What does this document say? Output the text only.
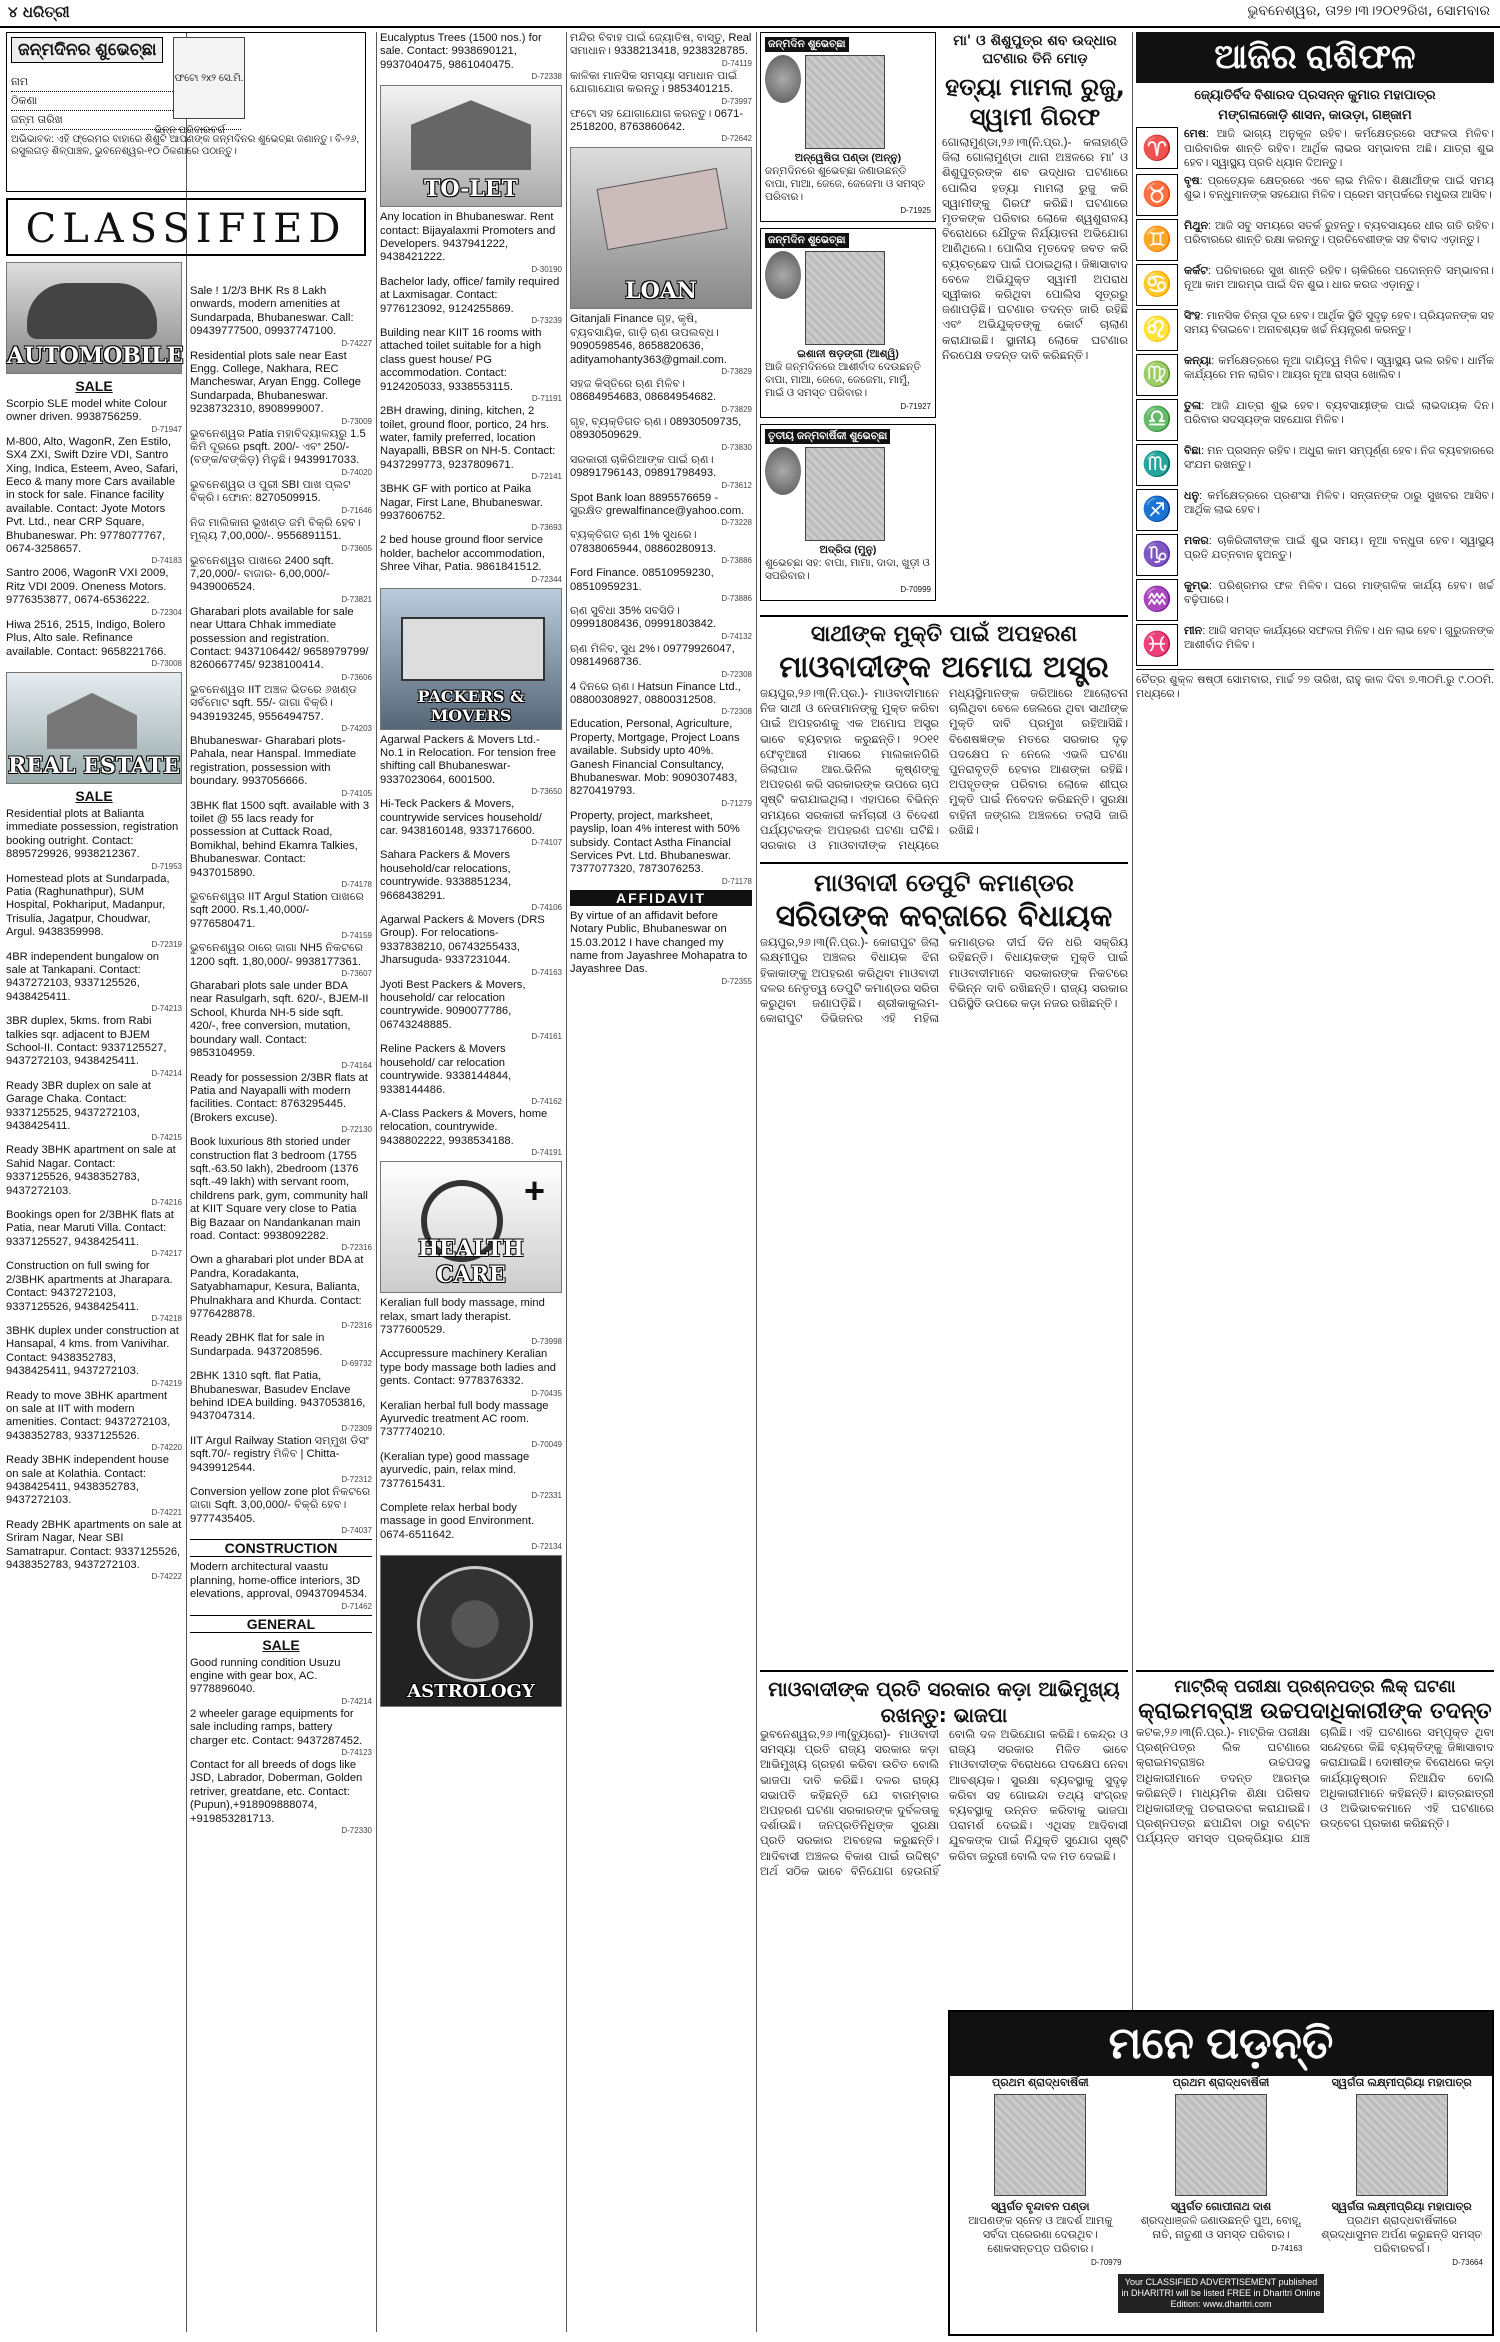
୪ ଧରିତ୍ରୀ	ଭୁବନେଶ୍ୱର, ତା୨୭।୩।୨୦୧୨ରିଖ, ସୋମବାର
ଜନ୍ମଦିନର ଶୁଭେଚ୍ଛା
ଫଟୋ ୨x୨ ସେ.ମି.
ନାମ
ଠିକଣା
ଜନ୍ମ ତାରିଖ
ଭିନ୍ନ ପରିବାରବର୍ଗ
ଅଭିଭାବକ: ଏହି ଫ୍ରେମର ବାହାରେ ଶିଶୁଟି ଆପଣଙ୍କ ଜନ୍ମଦିନର ଶୁଭେଚ୍ଛା ଜଣାନ୍ତୁ। ବି-୨୬, ରସୁଲଗଡ଼ ଶିଳ୍ପାଞ୍ଚଳ, ଭୁବନେଶ୍ୱର-୧୦ ଠିକଣାରେ ପଠାନ୍ତୁ।
CLASSIFIED
AUTOMOBILE
SALE
Scorpio SLE model white Colour owner driven. 9938756259.
D-71947
M-800, Alto, WagonR, Zen Estilo, SX4 ZXI, Swift Dzire VDI, Santro Xing, Indica, Esteem, Aveo, Safari, Eeco & many more Cars available in stock for sale. Finance facility available. Contact: Jyote Motors Pvt. Ltd., near CRP Square, Bhubaneswar. Ph: 9778077767, 0674-3258657.
D-74183
Santro 2006, WagonR VXI 2009, Ritz VDI 2009. Oneness Motors. 9776353877, 0674-6536222.
D-72304
Hiwa 2516, 2515, Indigo, Bolero Plus, Alto sale. Refinance available. Contact: 9658221766.
D-73008
REAL ESTATE
SALE
Residential plots at Balianta immediate possession, registration booking outright. Contact: 8895729926, 9938212367.
D-71953
Homestead plots at Sundarpada, Patia (Raghunathpur), SUM Hospital, Pokhariput, Madanpur, Trisulia, Jagatpur, Choudwar, Argul. 9438359998.
D-72319
4BR independent bungalow on sale at Tankapani. Contact: 9437272103, 9337125526, 9438425411.
D-74213
3BR duplex, 5kms. from Rabi talkies sqr. adjacent to BJEM School-II. Contact: 9337125527, 9437272103, 9438425411.
D-74214
Ready 3BR duplex on sale at Garage Chaka. Contact: 9337125525, 9437272103, 9438425411.
D-74215
Ready 3BHK apartment on sale at Sahid Nagar. Contact: 9337125526, 9438352783, 9437272103.
D-74216
Bookings open for 2/3BHK flats at Patia, near Maruti Villa. Contact: 9337125527, 9438425411.
D-74217
Construction on full swing for 2/3BHK apartments at Jharapara. Contact: 9437272103, 9337125526, 9438425411.
D-74218
3BHK duplex under construction at Hansapal, 4 kms. from Vanivihar. Contact: 9438352783, 9438425411, 9437272103.
D-74219
Ready to move 3BHK apartment on sale at IIT with modern amenities. Contact: 9437272103, 9438352783, 9337125526.
D-74220
Ready 3BHK independent house on sale at Kolathia. Contact: 9438425411, 9438352783, 9437272103.
D-74221
Ready 2BHK apartments on sale at Sriram Nagar, Near SBI Samatrapur. Contact: 9337125526, 9438352783, 9437272103.
D-74222
Sale ! 1/2/3 BHK Rs 8 Lakh onwards, modern amenities at Sundarpada, Bhubaneswar. Call: 09439777500, 09937747100.
D-74227
Residential plots sale near East Engg. College, Nakhara, REC Mancheswar, Aryan Engg. College Sundarpada, Bhubaneswar. 9238732310, 8908999007.
D-73009
ଭୁବନେଶ୍ୱର Patia ମହାବିଦ୍ୟାଳୟରୁ 1.5 କିମି ଦୂରରେ psqft. 200/- ଏବଂ 250/- (ବଙ୍କ/ବଙ୍କିଡ଼) ମିଳୁଛି। 9439917033.
D-74020
ଭୁବନେଶ୍ୱର ଓ ପୁରୀ SBI ପାଖ ପ୍ଲଟ ବିକ୍ରି। ଫୋନ: 8270509915.
D-71646
ନିଜ ମାଲିକାନା ଭୂଖଣ୍ଡ ଜମି ବିକ୍ରି ହେବ। ମୂଲ୍ୟ 7,00,000/-. 9556891151.
D-73605
ଭୁବନେଶ୍ୱର ପାଖରେ 2400 sqft. 7,20,000/- ବାଜାର- 6,00,000/- 9439006524.
D-73821
Gharabari plots available for sale near Uttara Chhak immediate possession and registration. Contact: 9437106442/ 9658979799/ 8260667745/ 9238100414.
D-73606
ଭୁବନେଶ୍ୱର IIT ଅଞ୍ଚଳ ଭିତରେ ୬ଖଣ୍ଡ ସର୍ବମୋଟ sqft. 55/- ଜାଗା ବିକ୍ରି। 9439193245, 9556494757.
D-74203
Bhubaneswar- Gharabari plots-Pahala, near Hanspal. Immediate registration, possession with boundary. 9937056666.
D-74105
3BHK flat 1500 sqft. available with 3 toilet @ 55 lacs ready for possession at Cuttack Road, Bomikhal, behind Ekamra Talkies, Bhubaneswar. Contact: 9437015890.
D-74178
ଭୁବନେଶ୍ୱର IIT Argul Station ପାଖରେ sqft 2000. Rs.1,40,000/- 9776580471.
D-74159
ଭୁବନେଶ୍ୱର ଠାରେ ଜାଗା NH5 ନିକଟରେ 1200 sqft. 1,80,000/- 9938177361.
D-73607
Gharabari plots sale under BDA near Rasulgarh, sqft. 620/-, BJEM-II School, Khurda NH-5 side sqft. 420/-, free conversion, mutation, boundary wall. Contact: 9853104959.
D-74164
Ready for possession 2/3BR flats at Patia and Nayapalli with modern facilities. Contact: 8763295445. (Brokers excuse).
D-72130
Book luxurious 8th storied under construction flat 3 bedroom (1755 sqft.-63.50 lakh), 2bedroom (1376 sqft.-49 lakh) with servant room, childrens park, gym, community hall at KIIT Square very close to Patia Big Bazaar on Nandankanan main road. Contact: 9938092282.
D-72316
Own a gharabari plot under BDA at Pandra, Koradakanta, Satyabhamapur, Kesura, Balianta, Phulnakhara and Khurda. Contact: 9776428878.
D-72316
Ready 2BHK flat for sale in Sundarpada. 9437208596.
D-69732
2BHK 1310 sqft. flat Patia, Bhubaneswar, Basudev Enclave behind IDEA building. 9437053816, 9437047314.
D-72309
IIT Argul Railway Station ସମ୍ମୁଖ ଡିସଂ sqft.70/- registry ମିଳିବ | Chitta- 9439912544.
D-72312
Conversion yellow zone plot ନିକଟରେ ଜାଗା Sqft. 3,00,000/- ବିକ୍ରି ହେବ। 9777435405.
D-74037
CONSTRUCTION
Modern architectural vaastu planning, home-office interiors, 3D elevations, approval, 09437094534.
D-71462
GENERAL
SALE
Good running condition Usuzu engine with gear box, AC. 9778896040.
D-74214
2 wheeler garage equipments for sale including ramps, battery charger etc. Contact: 9437287452.
D-74123
Contact for all breeds of dogs like JSD, Labrador, Doberman, Golden retriver, greatdane, etc. Contact:(Pupun),+918909888074, +919853281713.
D-72330
Eucalyptus Trees (1500 nos.) for sale. Contact: 9938690121, 9937040475, 9861040475.
D-72338
TO-LET
Any location in Bhubaneswar. Rent contact: Bijayalaxmi Promoters and Developers. 9437941222, 9438421222.
D-30190
Bachelor lady, office/ family required at Laxmisagar. Contact: 9776123092, 9124255869.
D-73239
Building near KIIT 16 rooms with attached toilet suitable for a high class guest house/ PG accommodation. Contact: 9124205033, 9338553115.
D-71191
2BH drawing, dining, kitchen, 2 toilet, ground floor, portico, 24 hrs. water, family preferred, location Nayapalli, BBSR on NH-5. Contact: 9437299773, 9237809671.
D-72141
3BHK GF with portico at Paika Nagar, First Lane, Bhubaneswar. 9937606752.
D-73693
2 bed house ground floor service holder, bachelor accommodation, Shree Vihar, Patia. 9861841512.
D-72344
PACKERS & MOVERS
Agarwal Packers & Movers Ltd.- No.1 in Relocation. For tension free shifting call Bhubaneswar- 9337023064, 6001500.
D-73650
Hi-Teck Packers & Movers, countrywide services household/ car. 9438160148, 9337176600.
D-74107
Sahara Packers & Movers household/car relocations, countrywide. 9338851234, 9668438291.
D-74106
Agarwal Packers & Movers (DRS Group). For relocations- 9337838210, 06743255433, Jharsuguda- 9337231044.
D-74163
Jyoti Best Packers & Movers, household/ car relocation countrywide. 9090077786, 06743248885.
D-74161
Reline Packers & Movers household/ car relocation countrywide. 9338144844, 9338144486.
D-74162
A-Class Packers & Movers, home relocation, countrywide. 9438802222, 9938534188.
D-74191
+
HEALTH CARE
Keralian full body massage, mind relax, smart lady therapist. 7377600529.
D-73998
Accupressure machinery Keralian type body massage both ladies and gents. Contact: 9778376332.
D-70435
Keralian herbal full body massage Ayurvedic treatment AC room. 7377740210.
D-70049
(Keralian type) good massage ayurvedic, pain, relax mind. 7377615431.
D-72331
Complete relax herbal body massage in good Environment. 0674-6511642.
D-72134
ASTROLOGY
ମନ୍ଦିର ବିବାହ ପାଇଁ ଜ୍ୟୋତିଷ, ବାସ୍ତୁ, Real ସମାଧାନ। 9338213418, 9238328785.
D-74119
କାଳିକା ମାନସିକ ସମସ୍ୟା ସମାଧାନ ପାଇଁ ଯୋଗାଯୋଗ କରନ୍ତୁ। 9853401215.
D-73997
ଫଟୋ ସହ ଯୋଗାଯୋଗ କରନ୍ତୁ। 0671-2518200, 8763860642.
D-72642
LOAN
Gitanjali Finance ଗୃହ, କୃଷି, ବ୍ୟବସାୟିକ, ଗାଡ଼ି ଋଣ ଉପଲବ୍ଧ। 9090598546, 8658820636, adityamohanty363@gmail.com.
D-73829
ସହଜ କିସ୍ତିରେ ଋଣ ମିଳିବ। 08684954683, 08684954682.
D-73829
ଗୃହ, ବ୍ୟକ୍ତିଗତ ଋଣ। 08930509735, 08930509629.
D-73830
ସରକାରୀ ଚାକିରିଆଙ୍କ ପାଇଁ ଋଣ। 09891796143, 09891798493.
D-73612
Spot Bank loan 8895576659 - ସୁରକ୍ଷିତ grewalfinance@yahoo.com.
D-73228
ବ୍ୟକ୍ତିଗତ ଋଣ 1% ସୁଧରେ। 07838065944, 08860280913.
D-73886
Ford Finance. 08510959230, 08510959231.
D-73886
ଋଣ ସୁବିଧା 35% ସବସିଡି। 09991808436, 09991803842.
D-74132
ଋଣ ମିଳିବ, ସୁଧ 2%। 09779926047, 09814968736.
D-72308
4 ଦିନରେ ଋଣ। Hatsun Finance Ltd., 08800308927, 08800312508.
D-72308
Education, Personal, Agriculture, Property, Mortgage, Project Loans available. Subsidy upto 40%. Ganesh Financial Consultancy, Bhubaneswar. Mob: 9090307483, 8270419793.
D-71279
Property, project, marksheet, payslip, loan 4% interest with 50% subsidy. Contact Astha Financial Services Pvt. Ltd. Bhubaneswar. 7377077320, 7873076253.
D-71178
AFFIDAVIT
By virtue of an affidavit before Notary Public, Bhubaneswar on 15.03.2012 I have changed my name from Jayashree Mohapatra to Jayashree Das.
D-72355
ଜନ୍ମଦିନ ଶୁଭେଚ୍ଛା
ଅନ୍ୱେଷିତା ପଣ୍ଡା (ଅନ୍ନୁ)
ଜନ୍ମଦିନରେ ଶୁଭେଚ୍ଛା ଜଣାଉଛନ୍ତି ବାପା, ମାଆ, ଜେଜେ, ଜେଜେମା ଓ ସମସ୍ତ ପରିବାର।
D-71925
ଜନ୍ମଦିନ ଶୁଭେଚ୍ଛା
ଇଶାନୀ ଷଡ଼ଙ୍ଗୀ (ଆଶ୍ୱି)
ଆଜି ଜନ୍ମଦିନରେ ଆଶୀର୍ବାଦ ଦେଉଛନ୍ତି ବାପା, ମାଆ, ଜେଜେ, ଜେଜେମା, ମାମୁଁ, ମାଇଁ ଓ ସମସ୍ତ ପରିବାର।
D-71927
ତୃତୀୟ ଜନ୍ମବାର୍ଷିକୀ ଶୁଭେଚ୍ଛା
ଅଦ୍ରିତା (ମୁନୁ)
ଶୁଭେଚ୍ଛା ସହ: ବାପା, ମାମା, ଦାଦା, ଖୁଡ଼ୀ ଓ ସପରିବାର।
D-70999
ମା' ଓ ଶିଶୁପୁତ୍ର ଶବ ଉଦ୍ଧାର ଘଟଣାର ତିନି ମୋଡ଼
ହତ୍ୟା ମାମଲା ରୁଜୁ, ସ୍ୱାମୀ ଗିରଫ
ଗୋଲାମୁଣ୍ଡା,୨୬।୩(ନି.ପ୍ର.)- କଳାହାଣ୍ଡି ଜିଲା ଗୋଲାମୁଣ୍ଡା ଥାନା ଅଞ୍ଚଳରେ ମା' ଓ ଶିଶୁପୁତ୍ରଙ୍କ ଶବ ଉଦ୍ଧାର ଘଟଣାରେ ପୋଲିସ ହତ୍ୟା ମାମଲା ରୁଜୁ କରି ସ୍ୱାମୀଙ୍କୁ ଗିରଫ କରିଛି। ଘଟଣାରେ ମୃତକଙ୍କ ପରିବାର ଲୋକେ ଶ୍ୱଶୁରାଳୟ ବିରୋଧରେ ଯୌତୁକ ନିର୍ଯ୍ୟାତନା ଅଭିଯୋଗ ଆଣିଥିଲେ। ପୋଲିସ ମୃତଦେହ ଜବତ କରି ବ୍ୟବଚ୍ଛେଦ ପାଇଁ ପଠାଇଥିଲା। ଜିଜ୍ଞାସାବାଦ ବେଳେ ଅଭିଯୁକ୍ତ ସ୍ୱାମୀ ଅପରାଧ ସ୍ୱୀକାର କରିଥିବା ପୋଲିସ ସୂତ୍ରରୁ ଜଣାପଡ଼ିଛି। ଘଟଣାର ତଦନ୍ତ ଜାରି ରହିଛି ଏବଂ ଅଭିଯୁକ୍ତଙ୍କୁ କୋର୍ଟ ଚାଲାଣ କରାଯାଇଛି। ସ୍ଥାନୀୟ ଲୋକେ ଘଟଣାର ନିରପେକ୍ଷ ତଦନ୍ତ ଦାବି କରିଛନ୍ତି।
ସାଥୀଙ୍କ ମୁକ୍ତି ପାଇଁ ଅପହରଣ
ମାଓବାଦୀଙ୍କ ଅମୋଘ ଅସ୍ତ୍ର
ଜୟପୁର,୨୬।୩(ନି.ପ୍ର.)- ମାଓବାଦୀମାନେ ନିଜ ସାଥୀ ଓ ନେତାମାନଙ୍କୁ ମୁକ୍ତ କରିବା ପାଇଁ ଅପହରଣକୁ ଏକ ଅମୋଘ ଅସ୍ତ୍ର ଭାବେ ବ୍ୟବହାର କରୁଛନ୍ତି। ୨୦୧୧ ଫେବୃଆରୀ ମାସରେ ମାଲକାନଗିରି ଜିଲାପାଳ ଆର.ଭିନିଲ କୃଷ୍ଣଙ୍କୁ ଅପହରଣ କରି ସରକାରଙ୍କ ଉପରେ ଚାପ ସୃଷ୍ଟି କରାଯାଇଥିଲା। ଏହାପରେ ବିଭିନ୍ନ ସମୟରେ ସରକାରୀ କର୍ମଚାରୀ ଓ ବିଦେଶୀ ପର୍ଯ୍ୟଟକଙ୍କ ଅପହରଣ ଘଟଣା ଘଟିଛି। ସରକାର ଓ ମାଓବାଦୀଙ୍କ ମଧ୍ୟରେ ମଧ୍ୟସ୍ଥିମାନଙ୍କ ଜରିଆରେ ଆଲୋଚନା ଚାଲିଥିବା ବେଳେ ଜେଲରେ ଥିବା ସାଥୀଙ୍କ ମୁକ୍ତି ଦାବି ପ୍ରମୁଖ ରହିଆସିଛି। ବିଶେଷଜ୍ଞଙ୍କ ମତରେ ସରକାର ଦୃଢ଼ ପଦକ୍ଷେପ ନ ନେଲେ ଏଭଳି ଘଟଣା ପୁନରାବୃତ୍ତି ହେବାର ଆଶଙ୍କା ରହିଛି। ଅପହୃତଙ୍କ ପରିବାର ଲୋକେ ଶୀଘ୍ର ମୁକ୍ତି ପାଇଁ ନିବେଦନ କରିଛନ୍ତି। ସୁରକ୍ଷା ବାହିନୀ ଜଙ୍ଗଲ ଅଞ୍ଚଳରେ ତଲାସି ଜାରି ରଖିଛି।
ମାଓବାଦୀ ଡେପୁଟି କମାଣ୍ଡର
ସରିତାଙ୍କ କବ୍ଜାରେ ବିଧାୟକ
ଜୟପୁର,୨୬।୩(ନି.ପ୍ର.)- କୋରାପୁଟ ଜିଲା ଲକ୍ଷ୍ମୀପୁର ଅଞ୍ଚଳର ବିଧାୟକ ଝିନା ହିକାକାଙ୍କୁ ଅପହରଣ କରିଥିବା ମାଓବାଦୀ ଦଳର ନେତୃତ୍ୱ ଡେପୁଟି କମାଣ୍ଡର ସରିତା କରୁଥିବା ଜଣାପଡ଼ିଛି। ଶ୍ରୀକାକୁଲମ-କୋରାପୁଟ ଡିଭିଜନର ଏହି ମହିଳା କମାଣ୍ଡର ଦୀର୍ଘ ଦିନ ଧରି ସକ୍ରିୟ ରହିଛନ୍ତି। ବିଧାୟକଙ୍କ ମୁକ୍ତି ପାଇଁ ମାଓବାଦୀମାନେ ସରକାରଙ୍କ ନିକଟରେ ବିଭିନ୍ନ ଦାବି ରଖିଛନ୍ତି। ରାଜ୍ୟ ସରକାର ପରିସ୍ଥିତି ଉପରେ କଡ଼ା ନଜର ରଖିଛନ୍ତି।
ଆଜିର ରାଶିଫଳ
ଜ୍ୟୋତିର୍ବିଦ ବିଶାରଦ ପ୍ରସନ୍ନ କୁମାର ମହାପାତ୍ର
ମଙ୍ଗଳାଜୋଡ଼ି ଶାସନ, କାଉଡ଼ା, ଗଞ୍ଜାମ
♈
ମେଷ: ଆଜି ଭାଗ୍ୟ ଅନୁକୂଳ ରହିବ। କର୍ମକ୍ଷେତ୍ରରେ ସଫଳତା ମିଳିବ। ପାରିବାରିକ ଶାନ୍ତି ରହିବ। ଆର୍ଥିକ ଲାଭର ସମ୍ଭାବନା ଅଛି। ଯାତ୍ରା ଶୁଭ ହେବ। ସ୍ୱାସ୍ଥ୍ୟ ପ୍ରତି ଧ୍ୟାନ ଦିଅନ୍ତୁ।
♉
ବୃଷ: ପ୍ରତ୍ୟେକ କ୍ଷେତ୍ରରେ ଏବେ ଲାଭ ମିଳିବ। ଶିକ୍ଷାର୍ଥୀଙ୍କ ପାଇଁ ସମୟ ଶୁଭ। ବନ୍ଧୁମାନଙ୍କ ସହଯୋଗ ମିଳିବ। ପ୍ରେମ ସମ୍ପର୍କରେ ମଧୁରତା ଆସିବ।
♊
ମିଥୁନ: ଆଜି ସବୁ ସମୟରେ ସତର୍କ ରୁହନ୍ତୁ। ବ୍ୟବସାୟରେ ଧୀର ଗତି ରହିବ। ପରିବାରରେ ଶାନ୍ତି ରକ୍ଷା କରନ୍ତୁ। ପ୍ରତିବେଶୀଙ୍କ ସହ ବିବାଦ ଏଡ଼ାନ୍ତୁ।
♋
କର୍କଟ: ପରିବାରରେ ସୁଖ ଶାନ୍ତି ରହିବ। ଚାକିରିରେ ପଦୋନ୍ନତି ସମ୍ଭାବନା। ନୂଆ କାମ ଆରମ୍ଭ ପାଇଁ ଦିନ ଶୁଭ। ଧାର କରଜ ଏଡ଼ାନ୍ତୁ।
♌
ସିଂହ: ମାନସିକ ଚିନ୍ତା ଦୂର ହେବ। ଆର୍ଥିକ ସ୍ଥିତି ସୁଦୃଢ଼ ହେବ। ପ୍ରିୟଜନଙ୍କ ସହ ସମୟ ବିତାଇବେ। ଅନାବଶ୍ୟକ ଖର୍ଚ୍ଚ ନିୟନ୍ତ୍ରଣ କରନ୍ତୁ।
♍
କନ୍ୟା: କର୍ମକ୍ଷେତ୍ରରେ ନୂଆ ଦାୟିତ୍ୱ ମିଳିବ। ସ୍ୱାସ୍ଥ୍ୟ ଭଲ ରହିବ। ଧାର୍ମିକ କାର୍ଯ୍ୟରେ ମନ ଲାଗିବ। ଆୟର ନୂଆ ରାସ୍ତା ଖୋଲିବ।
♎
ତୁଳା: ଆଜି ଯାତ୍ରା ଶୁଭ ହେବ। ବ୍ୟବସାୟୀଙ୍କ ପାଇଁ ଲାଭଦାୟକ ଦିନ। ପରିବାର ସଦସ୍ୟଙ୍କ ସହଯୋଗ ମିଳିବ।
♏
ବିଛା: ମନ ପ୍ରସନ୍ନ ରହିବ। ଅଧୁରା କାମ ସମ୍ପୂର୍ଣ୍ଣ ହେବ। ନିଜ ବ୍ୟବହାରରେ ସଂଯମ ରଖନ୍ତୁ।
♐
ଧନୁ: କର୍ମକ୍ଷେତ୍ରରେ ପ୍ରଶଂସା ମିଳିବ। ସନ୍ତାନଙ୍କ ଠାରୁ ସୁଖବର ଆସିବ। ଆର୍ଥିକ ଲାଭ ହେବ।
♑
ମକର: ଚାକିରିଜୀବୀଙ୍କ ପାଇଁ ଶୁଭ ସମୟ। ନୂଆ ବନ୍ଧୁତା ହେବ। ସ୍ୱାସ୍ଥ୍ୟ ପ୍ରତି ଯତ୍ନବାନ ହୁଅନ୍ତୁ।
♒
କୁମ୍ଭ: ପରିଶ୍ରମର ଫଳ ମିଳିବ। ଘରେ ମାଙ୍ଗଳିକ କାର୍ଯ୍ୟ ହେବ। ଖର୍ଚ୍ଚ ବଢ଼ିପାରେ।
♓
ମୀନ: ଆଜି ସମସ୍ତ କାର୍ଯ୍ୟରେ ସଫଳତା ମିଳିବ। ଧନ ଲାଭ ହେବ। ଗୁରୁଜନଙ୍କ ଆଶୀର୍ବାଦ ମିଳିବ।
ଚୈତ୍ର ଶୁକ୍ଳ ଷଷ୍ଠୀ ସୋମବାର, ମାର୍ଚ୍ଚ ୨୭ ତାରିଖ, ରାହୁ କାଳ ଦିବା ୭.୩୦ମି.ରୁ ୯.୦୦ମି. ମଧ୍ୟରେ।
ମାଓବାଦୀଙ୍କ ପ୍ରତି ସରକାର କଡ଼ା ଆଭିମୁଖ୍ୟ ରଖନ୍ତୁ: ଭାଜପା
ଭୁବନେଶ୍ୱର,୨୬।୩(ବ୍ୟୁରୋ)- ମାଓବାଦୀ ସମସ୍ୟା ପ୍ରତି ରାଜ୍ୟ ସରକାର କଡ଼ା ଆଭିମୁଖ୍ୟ ଗ୍ରହଣ କରିବା ଉଚିତ ବୋଲି ଭାଜପା ଦାବି କରିଛି। ଦଳର ରାଜ୍ୟ ସଭାପତି କହିଛନ୍ତି ଯେ ବାରମ୍ବାର ଅପହରଣ ଘଟଣା ସରକାରଙ୍କ ଦୁର୍ବଳତାକୁ ଦର୍ଶାଉଛି। ଜନପ୍ରତିନିଧିଙ୍କ ସୁରକ୍ଷା ପ୍ରତି ସରକାର ଅବହେଳା କରୁଛନ୍ତି। ଆଦିବାସୀ ଅଞ୍ଚଳର ବିକାଶ ପାଇଁ ଉଦ୍ଦିଷ୍ଟ ଅର୍ଥ ସଠିକ ଭାବେ ବିନିଯୋଗ ହେଉନାହିଁ ବୋଲି ଦଳ ଅଭିଯୋଗ କରିଛି। କେନ୍ଦ୍ର ଓ ରାଜ୍ୟ ସରକାର ମିଳିତ ଭାବେ ମାଓବାଦୀଙ୍କ ବିରୋଧରେ ପଦକ୍ଷେପ ନେବା ଆବଶ୍ୟକ। ସୁରକ୍ଷା ବ୍ୟବସ୍ଥାକୁ ସୁଦୃଢ଼ କରିବା ସହ ଗୋଇନ୍ଦା ତଥ୍ୟ ସଂଗ୍ରହ ବ୍ୟବସ୍ଥାକୁ ଉନ୍ନତ କରିବାକୁ ଭାଜପା ପରାମର୍ଶ ଦେଇଛି। ଏଥିସହ ଆଦିବାସୀ ଯୁବକଙ୍କ ପାଇଁ ନିଯୁକ୍ତି ସୁଯୋଗ ସୃଷ୍ଟି କରିବା ଜରୁରୀ ବୋଲି ଦଳ ମତ ଦେଇଛି।
ମାଟ୍ରିକ୍ ପରୀକ୍ଷା ପ୍ରଶ୍ନପତ୍ର ଲିକ୍ ଘଟଣା
କ୍ରାଇମବ୍ରାଞ୍ଚ ଉଚ୍ଚପଦାଧିକାରୀଙ୍କ ତଦନ୍ତ
କଟକ,୨୬।୩(ନି.ପ୍ର.)- ମାଟ୍ରିକ ପରୀକ୍ଷା ପ୍ରଶ୍ନପତ୍ର ଲିକ ଘଟଣାରେ କ୍ରାଇମବ୍ରାଞ୍ଚର ଉଚ୍ଚପଦସ୍ଥ ଅଧିକାରୀମାନେ ତଦନ୍ତ ଆରମ୍ଭ କରିଛନ୍ତି। ମାଧ୍ୟମିକ ଶିକ୍ଷା ପରିଷଦ ଅଧିକାରୀଙ୍କୁ ପଚରାଉଚରା କରାଯାଇଛି। ପ୍ରଶ୍ନପତ୍ର ଛପାଯିବା ଠାରୁ ବଣ୍ଟନ ପର୍ଯ୍ୟନ୍ତ ସମସ୍ତ ପ୍ରକ୍ରିୟାର ଯାଞ୍ଚ ଚାଲିଛି। ଏହି ଘଟଣାରେ ସମ୍ପୃକ୍ତ ଥିବା ସନ୍ଦେହରେ କିଛି ବ୍ୟକ୍ତିଙ୍କୁ ଜିଜ୍ଞାସାବାଦ କରାଯାଇଛି। ଦୋଷୀଙ୍କ ବିରୋଧରେ କଡ଼ା କାର୍ଯ୍ୟାନୁଷ୍ଠାନ ନିଆଯିବ ବୋଲି ଅଧିକାରୀମାନେ କହିଛନ୍ତି। ଛାତ୍ରଛାତ୍ରୀ ଓ ଅଭିଭାବକମାନେ ଏହି ଘଟଣାରେ ଉଦ୍‌ବେଗ ପ୍ରକାଶ କରିଛନ୍ତି।
ମନେ ପଡ଼ନ୍ତି
ପ୍ରଥମ ଶ୍ରାଦ୍ଧବାର୍ଷିକୀ
ସ୍ୱର୍ଗତ ବୃନ୍ଦାବନ ପଣ୍ଡା
ଆପଣଙ୍କ ସ୍ନେହ ଓ ଆଦର୍ଶ ଆମକୁ ସର୍ବଦା ପ୍ରେରଣା ଦେଉଥିବ। ଶୋକସନ୍ତପ୍ତ ପରିବାର।
D-70979
ପ୍ରଥମ ଶ୍ରାଦ୍ଧବାର୍ଷିକୀ
ସ୍ୱର୍ଗତ ଗୋପୀନାଥ ଦାଶ
ଶ୍ରଦ୍ଧାଞ୍ଜଳି ଜଣାଉଛନ୍ତି ପୁଅ, ବୋହୂ, ନାତି, ନାତୁଣୀ ଓ ସମସ୍ତ ପରିବାର।
D-74163
ସ୍ୱର୍ଗତା ଲକ୍ଷ୍ମୀପ୍ରିୟା ମହାପାତ୍ର
ସ୍ୱର୍ଗତା ଲକ୍ଷ୍ମୀପ୍ରିୟା ମହାପାତ୍ର
ପ୍ରଥମ ଶ୍ରାଦ୍ଧବାର୍ଷିକୀରେ ଶ୍ରଦ୍ଧାସୁମନ ଅର୍ପଣ କରୁଛନ୍ତି ସମସ୍ତ ପରିବାରବର୍ଗ।
D-73664
Your CLASSIFIED ADVERTISEMENT published in DHARITRI will be listed FREE in Dharitri Online Edition: www.dharitri.com
